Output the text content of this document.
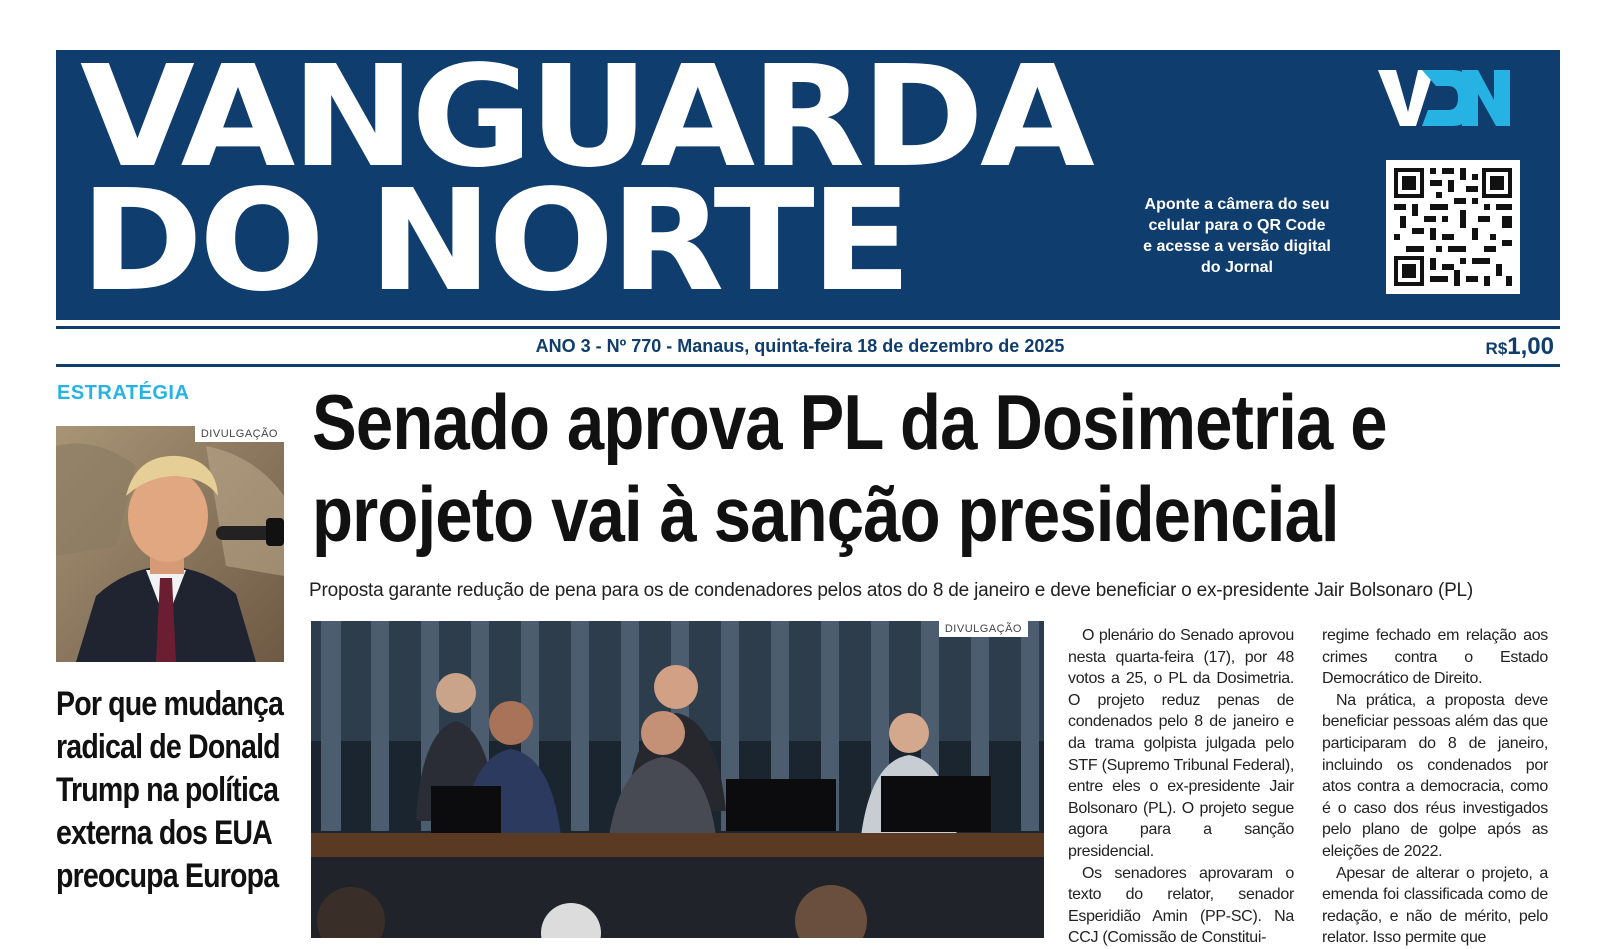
VANGUARDA
DO NORTE	Aponte a câmera do seu celular para o QR Code e acesse a versão digital do Jornal
ANO 3 - Nº 770 - Manaus, quinta-feira 18 de dezembro de 2025	R$1,00
ESTRATÉGIA
DIVULGAÇÃO
Por que mudança radical de Donald Trump na política externa dos EUA preocupa Europa
Senado aprova PL da Dosimetria e
projeto vai à sanção presidencial
Proposta garante redução de pena para os de condenadores pelos atos do 8 de janeiro e deve beneficiar o ex-presidente Jair Bolsonaro (PL)
DIVULGAÇÃO	O plenário do Senado aprovou nesta quarta-feira (17), por 48 votos a 25, o PL da Dosimetria. O projeto reduz penas de condenados pelo 8 de janeiro e da trama golpista julgada pelo STF (Supremo Tribunal Federal), entre eles o ex-presidente Jair Bolsonaro (PL). O projeto segue agora para a sanção presidencial.

Os senadores aprovaram o texto do relator, senador Esperidião Amin (PP-SC). Na CCJ (Comissão de Constitui-

regime fechado em relação aos crimes contra o Estado Democrático de Direito.

Na prática, a proposta deve beneficiar pessoas além das que participaram do 8 de janeiro, incluindo os condenados por atos contra a democracia, como é o caso dos réus investigados pelo plano de golpe após as eleições de 2022.

Apesar de alterar o projeto, a emenda foi classificada como de redação, e não de mérito, pelo relator. Isso permite que
